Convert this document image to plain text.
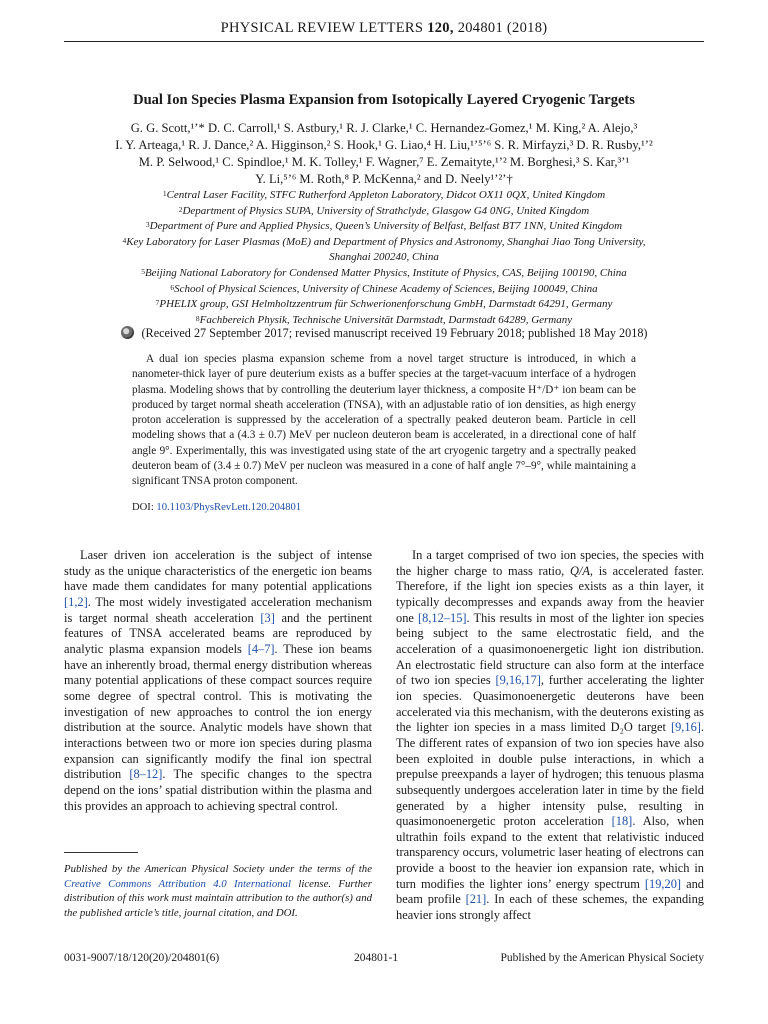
PHYSICAL REVIEW LETTERS 120, 204801 (2018)
Dual Ion Species Plasma Expansion from Isotopically Layered Cryogenic Targets
G. G. Scott,¹ʼ* D. C. Carroll,¹ S. Astbury,¹ R. J. Clarke,¹ C. Hernandez-Gomez,¹ M. King,² A. Alejo,³
I. Y. Arteaga,¹ R. J. Dance,² A. Higginson,² S. Hook,¹ G. Liao,⁴ H. Liu,¹ʼ⁵ʼ⁶ S. R. Mirfayzi,³ D. R. Rusby,¹ʼ²
M. P. Selwood,¹ C. Spindloe,¹ M. K. Tolley,¹ F. Wagner,⁷ E. Zemaityte,¹ʼ² M. Borghesi,³ S. Kar,³ʼ¹
Y. Li,⁵ʼ⁶ M. Roth,⁸ P. McKenna,² and D. Neely¹ʼ²ʼ†
$^1$Central Laser Facility, STFC Rutherford Appleton Laboratory, Didcot OX11 0QX, United Kingdom
$^2$Department of Physics SUPA, University of Strathclyde, Glasgow G4 0NG, United Kingdom
$^3$Department of Pure and Applied Physics, Queen’s University of Belfast, Belfast BT7 1NN, United Kingdom
$^4$Key Laboratory for Laser Plasmas (MoE) and Department of Physics and Astronomy, Shanghai Jiao Tong University,
Shanghai 200240, China
$^5$Beijing National Laboratory for Condensed Matter Physics, Institute of Physics, CAS, Beijing 100190, China
$^6$School of Physical Sciences, University of Chinese Academy of Sciences, Beijing 100049, China
$^7$PHELIX group, GSI Helmholtzzentrum für Schwerionenforschung GmbH, Darmstadt 64291, Germany
$^8$Fachbereich Physik, Technische Universität Darmstadt, Darmstadt 64289, Germany
(Received 27 September 2017; revised manuscript received 19 February 2018; published 18 May 2018)

A dual ion species plasma expansion scheme from a novel target structure is introduced, in which a nanometer-thick layer of pure deuterium exists as a buffer species at the target-vacuum interface of a hydrogen plasma. Modeling shows that by controlling the deuterium layer thickness, a composite H⁺/D⁺ ion beam can be produced by target normal sheath acceleration (TNSA), with an adjustable ratio of ion densities, as high energy proton acceleration is suppressed by the acceleration of a spectrally peaked deuteron beam. Particle in cell modeling shows that a (4.3 ± 0.7) MeV per nucleon deuteron beam is accelerated, in a directional cone of half angle 9°. Experimentally, this was investigated using state of the art cryogenic targetry and a spectrally peaked deuteron beam of (3.4 ± 0.7) MeV per nucleon was measured in a cone of half angle 7°–9°, while maintaining a significant TNSA proton component.

DOI: 10.1103/PhysRevLett.120.204801

Laser driven ion acceleration is the subject of intense study as the unique characteristics of the energetic ion beams have made them candidates for many potential applications [1,2]. The most widely investigated acceleration mechanism is target normal sheath acceleration [3] and the pertinent features of TNSA accelerated beams are reproduced by analytic plasma expansion models [4–7]. These ion beams have an inherently broad, thermal energy distribution whereas many potential applications of these compact sources require some degree of spectral control. This is motivating the investigation of new approaches to control the ion energy distribution at the source. Analytic models have shown that interactions between two or more ion species during plasma expansion can significantly modify the final ion spectral distribution [8–12]. The specific changes to the spectra depend on the ions’ spatial distribution within the plasma and this provides an approach to achieving spectral control.

In a target comprised of two ion species, the species with the higher charge to mass ratio, Q/A, is accelerated faster. Therefore, if the light ion species exists as a thin layer, it typically decompresses and expands away from the heavier one [8,12–15]. This results in most of the lighter ion species being subject to the same electrostatic field, and the acceleration of a quasimonoenergetic light ion distribution. An electrostatic field structure can also form at the interface of two ion species [9,16,17], further accelerating the lighter ion species. Quasimonoenergetic deuterons have been accelerated via this mechanism, with the deuterons existing as the lighter ion species in a mass limited D₂O target [9,16]. The different rates of expansion of two ion species have also been exploited in double pulse interactions, in which a prepulse preexpands a layer of hydrogen; this tenuous plasma subsequently undergoes acceleration later in time by the field generated by a higher intensity pulse, resulting in quasimonoenergetic proton acceleration [18]. Also, when ultrathin foils expand to the extent that relativistic induced transparency occurs, volumetric laser heating of electrons can provide a boost to the heavier ion expansion rate, which in turn modifies the lighter ions’ energy spectrum [19,20] and beam profile [21]. In each of these schemes, the expanding heavier ions strongly affect

Published by the American Physical Society under the terms of the Creative Commons Attribution 4.0 International license. Further distribution of this work must maintain attribution to the author(s) and the published article’s title, journal citation, and DOI.
0031-9007/18/120(20)/204801(6)	204801-1	Published by the American Physical Society
